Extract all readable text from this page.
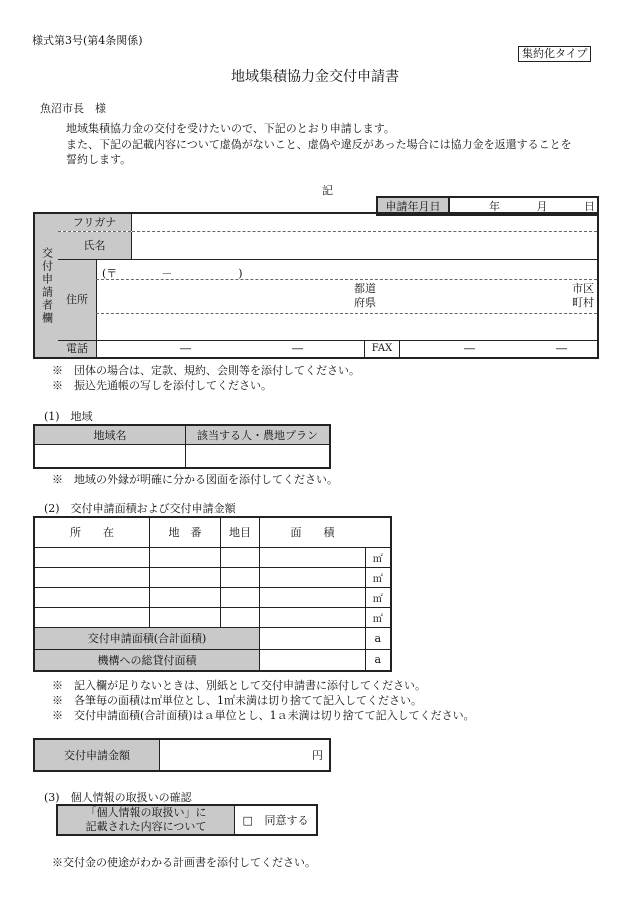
様式第3号(第4条関係)
集約化タイプ
地域集積協力金交付申請書
魚沼市長　様
地域集積協力金の交付を受けたいので、下記のとおり申請します。
また、下記の記載内容について虚偽がないこと、虚偽や違反があった場合には協力金を返還することを
誓約します。
記
申請年月日	年	月	日
交付申請者欄
フリガナ
氏名
住所
(〒　　　　－　　　　　　)
都道
府県
市区
町村
電話	―	―	FAX	―	―
※　団体の場合は、定款、規約、会則等を添付してください。
※　振込先通帳の写しを添付してください。
(1)　地域
地域名	該当する人・農地プラン

※　地域の外縁が明確に分かる図面を添付してください。
(2)　交付申請面積および交付申請金額
所　　在	地　番	地目	面　　積	
				㎡
				㎡
				㎡
				㎡
交付申請面積(合計面積)				a
機構への総貸付面積				a
※　記入欄が足りないときは、別紙として交付申請書に添付してください。
※　各筆毎の面積は㎡単位とし、1㎡未満は切り捨てて記入してください。
※　交付申請面積(合計面積)はａ単位とし、1ａ未満は切り捨てて記入してください。
交付申請金額	円
(3)　個人情報の取扱いの確認
「個人情報の取扱い」に
記載された内容について	□ 同意する
※交付金の使途がわかる計画書を添付してください。
